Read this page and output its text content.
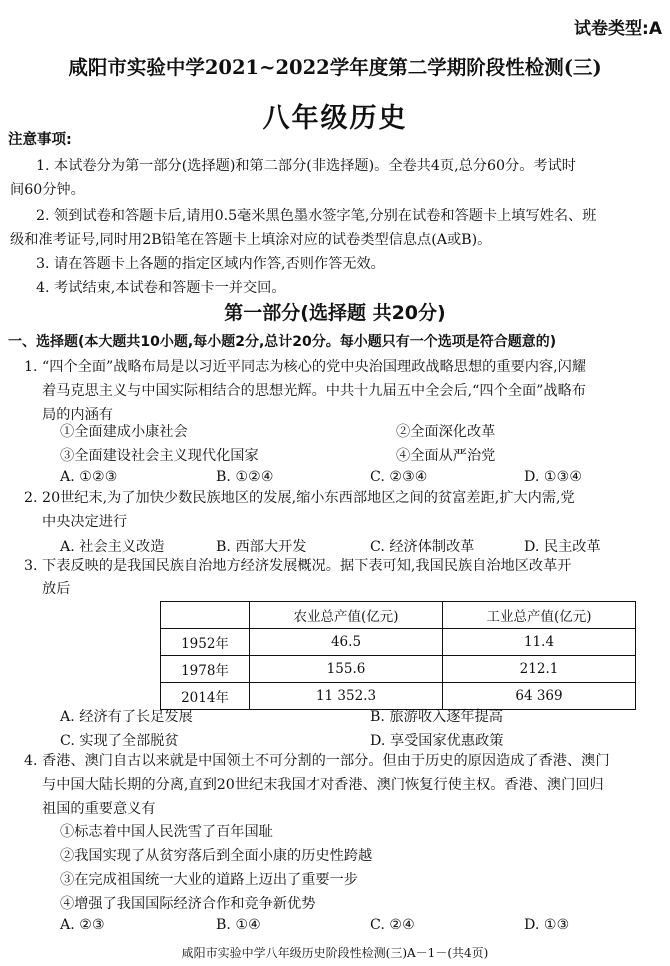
试卷类型:A
咸阳市实验中学2021~2022学年度第二学期阶段性检测(三)
八年级历史
注意事项:
1. 本试卷分为第一部分(选择题)和第二部分(非选择题)。全卷共4页,总分60分。考试时
间60分钟。
2. 领到试卷和答题卡后,请用0.5毫米黑色墨水签字笔,分别在试卷和答题卡上填写姓名、班
级和准考证号,同时用2B铅笔在答题卡上填涂对应的试卷类型信息点(A或B)。
3. 请在答题卡上各题的指定区域内作答,否则作答无效。
4. 考试结束,本试卷和答题卡一并交回。
第一部分(选择题 共20分)
一、选择题(本大题共10小题,每小题2分,总计20分。每小题只有一个选项是符合题意的)
1. “四个全面”战略布局是以习近平同志为核心的党中央治国理政战略思想的重要内容,闪耀
着马克思主义与中国实际相结合的思想光辉。中共十九届五中全会后,“四个全面”战略布
局的内涵有
①全面建成小康社会	②全面深化改革
③全面建设社会主义现代化国家	④全面从严治党
A. ①②③	B. ①②④	C. ②③④	D. ①③④
2. 20世纪末,为了加快少数民族地区的发展,缩小东西部地区之间的贫富差距,扩大内需,党
中央决定进行
A. 社会主义改造	B. 西部大开发	C. 经济体制改革	D. 民主改革
3. 下表反映的是我国民族自治地方经济发展概况。据下表可知,我国民族自治地区改革开
放后
	农业总产值(亿元)	工业总产值(亿元)
1952年	46.5	11.4
1978年	155.6	212.1
2014年	11 352.3	64 369
A. 经济有了长足发展	B. 旅游收入逐年提高
C. 实现了全部脱贫	D. 享受国家优惠政策
4. 香港、澳门自古以来就是中国领土不可分割的一部分。但由于历史的原因造成了香港、澳门
与中国大陆长期的分离,直到20世纪末我国才对香港、澳门恢复行使主权。香港、澳门回归
祖国的重要意义有
①标志着中国人民洗雪了百年国耻
②我国实现了从贫穷落后到全面小康的历史性跨越
③在完成祖国统一大业的道路上迈出了重要一步
④增强了我国国际经济合作和竞争新优势
A. ②③	B. ①④	C. ②④	D. ①③
咸阳市实验中学八年级历史阶段性检测(三)A－1－(共4页)
